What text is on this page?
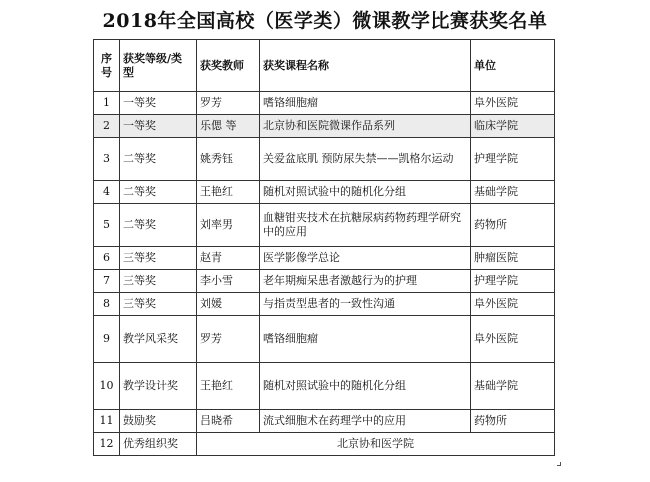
2018年全国高校（医学类）微课教学比赛获奖名单
序号	获奖等级/类型	获奖教师	获奖课程名称	单位
1	一等奖	罗芳	嗜铬细胞瘤	阜外医院
2	一等奖	乐偲 等	北京协和医院微课作品系列	临床学院
3	二等奖	姚秀钰	关爱盆底肌 预防尿失禁——凯格尔运动	护理学院
4	二等奖	王艳红	随机对照试验中的随机化分组	基础学院
5	二等奖	刘率男	血糖钳夹技术在抗糖尿病药物药理学研究中的应用	药物所
6	三等奖	赵青	医学影像学总论	肿瘤医院
7	三等奖	李小雪	老年期痴呆患者激越行为的护理	护理学院
8	三等奖	刘媛	与指责型患者的一致性沟通	阜外医院
9	教学风采奖	罗芳	嗜铬细胞瘤	阜外医院
10	教学设计奖	王艳红	随机对照试验中的随机化分组	基础学院
11	鼓励奖	吕晓希	流式细胞术在药理学中的应用	药物所
12	优秀组织奖	北京协和医学院		
